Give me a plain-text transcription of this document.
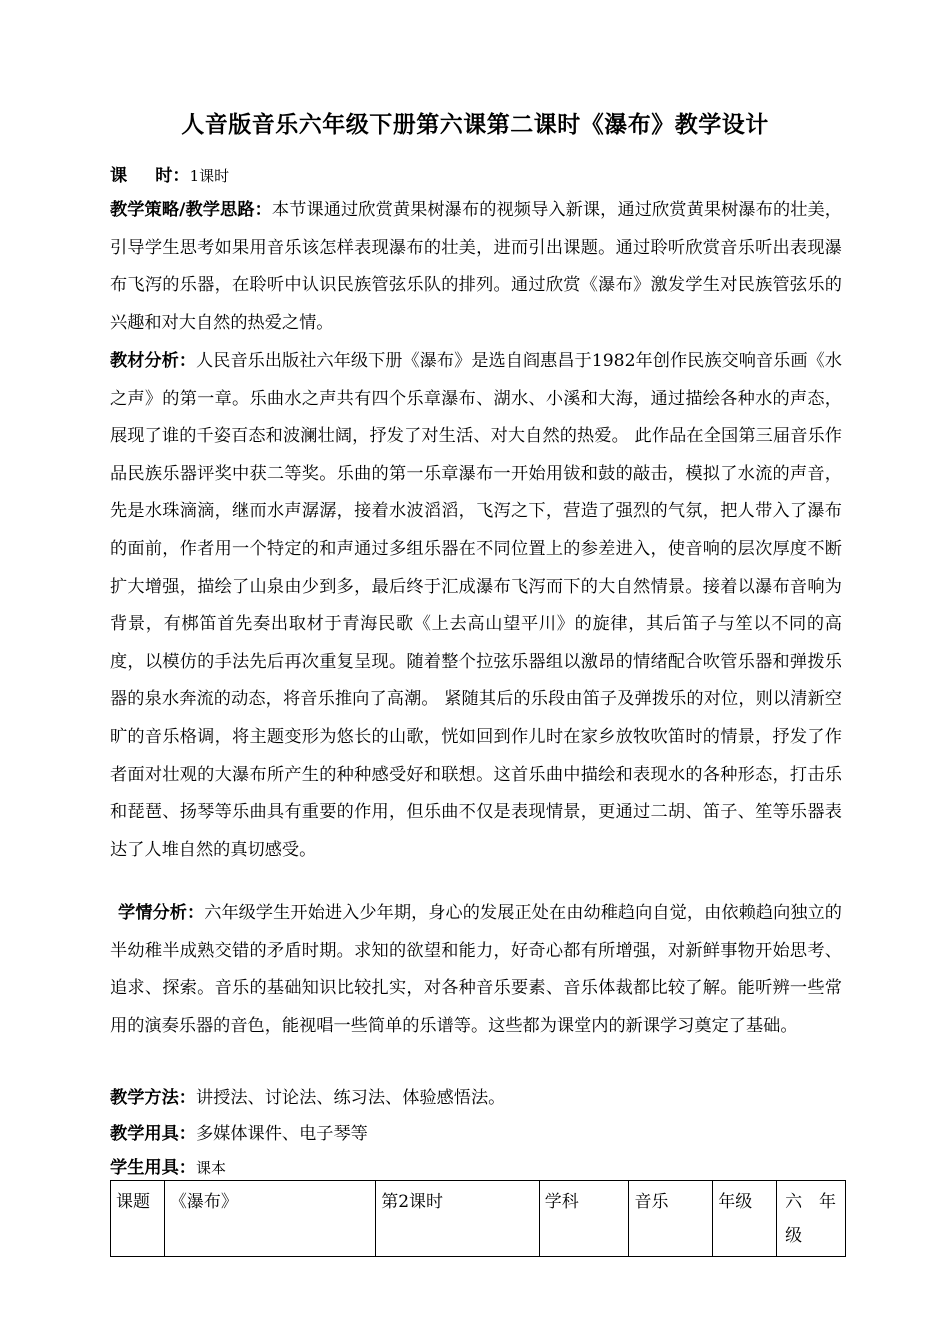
人音版音乐六年级下册第六课第二课时《瀑布》教学设计

课 时：1课时

教学策略/教学思路：本节课通过欣赏黄果树瀑布的视频导入新课，通过欣赏黄果树瀑布的壮美，引导学生思考如果用音乐该怎样表现瀑布的壮美，进而引出课题。通过聆听欣赏音乐听出表现瀑布飞泻的乐器，在聆听中认识民族管弦乐队的排列。通过欣赏《瀑布》激发学生对民族管弦乐的兴趣和对大自然的热爱之情。

教材分析：人民音乐出版社六年级下册《瀑布》是选自阎惠昌于1982年创作民族交响音乐画《水之声》的第一章。乐曲水之声共有四个乐章瀑布、湖水、小溪和大海，通过描绘各种水的声态，展现了谁的千姿百态和波澜壮阔，抒发了对生活、对大自然的热爱。 此作品在全国第三届音乐作品民族乐器评奖中获二等奖。乐曲的第一乐章瀑布一开始用钹和鼓的敲击，模拟了水流的声音，先是水珠滴滴，继而水声潺潺，接着水波滔滔，飞泻之下，营造了强烈的气氛，把人带入了瀑布的面前，作者用一个特定的和声通过多组乐器在不同位置上的参差进入，使音响的层次厚度不断扩大增强，描绘了山泉由少到多，最后终于汇成瀑布飞泻而下的大自然情景。接着以瀑布音响为背景，有梆笛首先奏出取材于青海民歌《上去高山望平川》的旋律，其后笛子与笙以不同的高度，以模仿的手法先后再次重复呈现。随着整个拉弦乐器组以激昂的情绪配合吹管乐器和弹拨乐器的泉水奔流的动态，将音乐推向了高潮。 紧随其后的乐段由笛子及弹拨乐的对位，则以清新空旷的音乐格调，将主题变形为悠长的山歌，恍如回到作儿时在家乡放牧吹笛时的情景，抒发了作者面对壮观的大瀑布所产生的种种感受好和联想。这首乐曲中描绘和表现水的各种形态，打击乐和琵琶、扬琴等乐曲具有重要的作用，但乐曲不仅是表现情景，更通过二胡、笛子、笙等乐器表达了人堆自然的真切感受。

学情分析：六年级学生开始进入少年期，身心的发展正处在由幼稚趋向自觉，由依赖趋向独立的半幼稚半成熟交错的矛盾时期。求知的欲望和能力，好奇心都有所增强，对新鲜事物开始思考、追求、探索。音乐的基础知识比较扎实，对各种音乐要素、音乐体裁都比较了解。能听辨一些常用的演奏乐器的音色，能视唱一些简单的乐谱等。这些都为课堂内的新课学习奠定了基础。

教学方法：讲授法、讨论法、练习法、体验感悟法。

教学用具：多媒体课件、电子琴等

学生用具：课本

课题	《瀑布》	第2课时	学科	音乐	年级	六　年级
